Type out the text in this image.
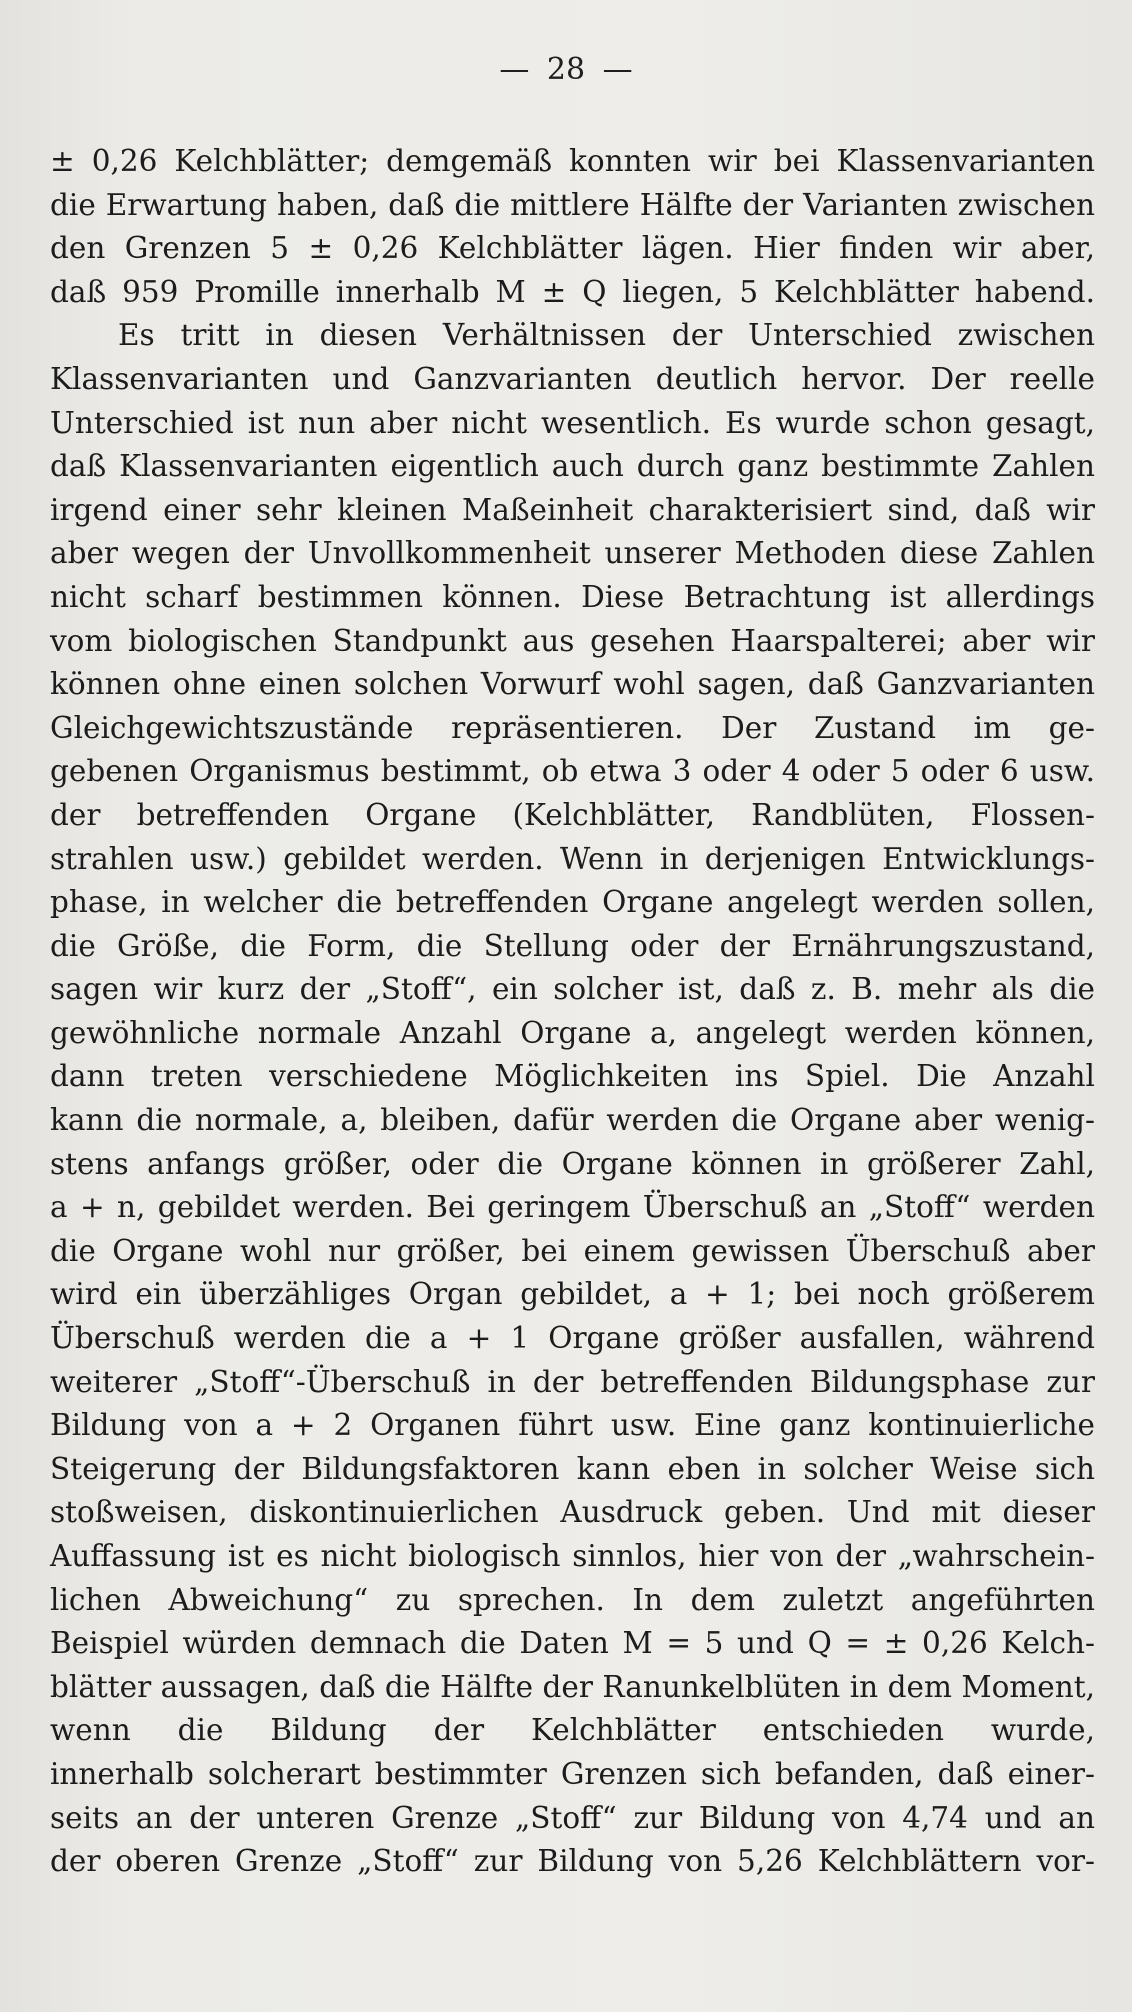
— 28 —
± 0,26 Kelchblätter; demgemäß konnten wir bei Klassenvarianten
die Erwartung haben, daß die mittlere Hälfte der Varianten zwischen
den Grenzen 5 ± 0,26 Kelchblätter lägen. Hier finden wir aber,
daß 959 Promille innerhalb M ± Q liegen, 5 Kelchblätter habend.
Es tritt in diesen Verhältnissen der Unterschied zwischen
Klassenvarianten und Ganzvarianten deutlich hervor. Der reelle
Unterschied ist nun aber nicht wesentlich. Es wurde schon gesagt,
daß Klassenvarianten eigentlich auch durch ganz bestimmte Zahlen
irgend einer sehr kleinen Maßeinheit charakterisiert sind, daß wir
aber wegen der Unvollkommenheit unserer Methoden diese Zahlen
nicht scharf bestimmen können. Diese Betrachtung ist allerdings
vom biologischen Standpunkt aus gesehen Haarspalterei; aber wir
können ohne einen solchen Vorwurf wohl sagen, daß Ganzvarianten
Gleichgewichtszustände repräsentieren. Der Zustand im ge-
gebenen Organismus bestimmt, ob etwa 3 oder 4 oder 5 oder 6 usw.
der betreffenden Organe (Kelchblätter, Randblüten, Flossen-
strahlen usw.) gebildet werden. Wenn in derjenigen Entwicklungs-
phase, in welcher die betreffenden Organe angelegt werden sollen,
die Größe, die Form, die Stellung oder der Ernährungszustand,
sagen wir kurz der „Stoff“, ein solcher ist, daß z. B. mehr als die
gewöhnliche normale Anzahl Organe a, angelegt werden können,
dann treten verschiedene Möglichkeiten ins Spiel. Die Anzahl
kann die normale, a, bleiben, dafür werden die Organe aber wenig-
stens anfangs größer, oder die Organe können in größerer Zahl,
a + n, gebildet werden. Bei geringem Überschuß an „Stoff“ werden
die Organe wohl nur größer, bei einem gewissen Überschuß aber
wird ein überzähliges Organ gebildet, a + 1; bei noch größerem
Überschuß werden die a + 1 Organe größer ausfallen, während
weiterer „Stoff“-Überschuß in der betreffenden Bildungsphase zur
Bildung von a + 2 Organen führt usw. Eine ganz kontinuierliche
Steigerung der Bildungsfaktoren kann eben in solcher Weise sich
stoßweisen, diskontinuierlichen Ausdruck geben. Und mit dieser
Auffassung ist es nicht biologisch sinnlos, hier von der „wahrschein-
lichen Abweichung“ zu sprechen. In dem zuletzt angeführten
Beispiel würden demnach die Daten M = 5 und Q = ± 0,26 Kelch-
blätter aussagen, daß die Hälfte der Ranunkelblüten in dem Moment,
wenn die Bildung der Kelchblätter entschieden wurde,
innerhalb solcherart bestimmter Grenzen sich befanden, daß einer-
seits an der unteren Grenze „Stoff“ zur Bildung von 4,74 und an
der oberen Grenze „Stoff“ zur Bildung von 5,26 Kelchblättern vor-
